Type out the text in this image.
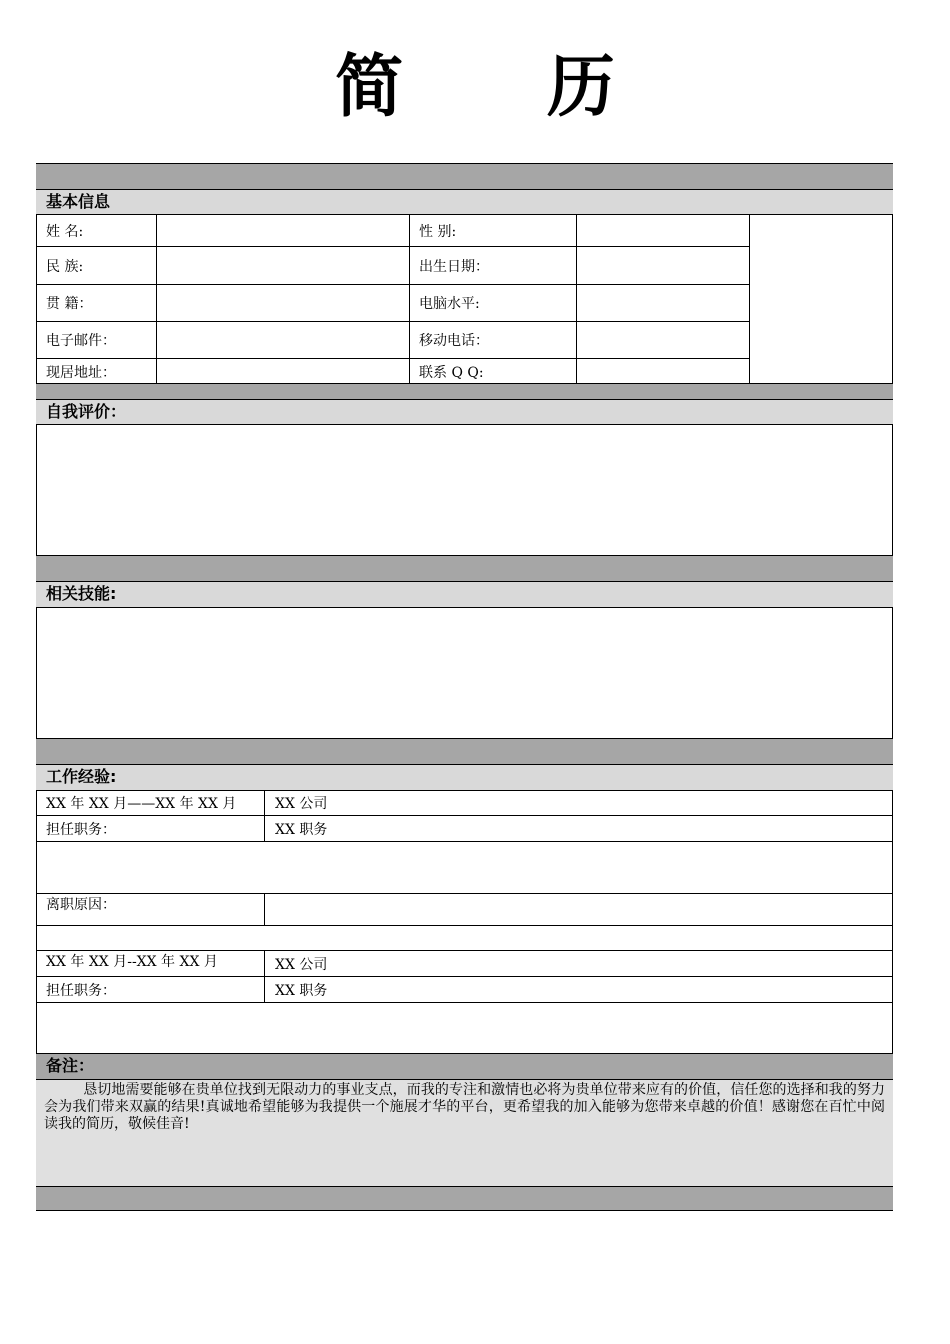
简 历
基本信息
姓 名:	性 别:
民 族:	出生日期：
贯 籍：	电脑水平:
电子邮件：	移动电话：
现居地址：	联系 Q Q:
自我评价：
相关技能:
工作经验:
XX 年 XX 月——XX 年 XX 月	XX 公司
担任职务：	XX 职务
离职原因：
XX 年 XX 月--XX 年 XX 月	XX 公司
担任职务：	XX 职务
备注：
恳切地需要能够在贵单位找到无限动力的事业支点，而我的专注和激情也必将为贵单位带来应有的价值，信任您的选择和我的努力会为我们带来双赢的结果!真诚地希望能够为我提供一个施展才华的平台，更希望我的加入能够为您带来卓越的价值！感谢您在百忙中阅读我的简历，敬候佳音!
